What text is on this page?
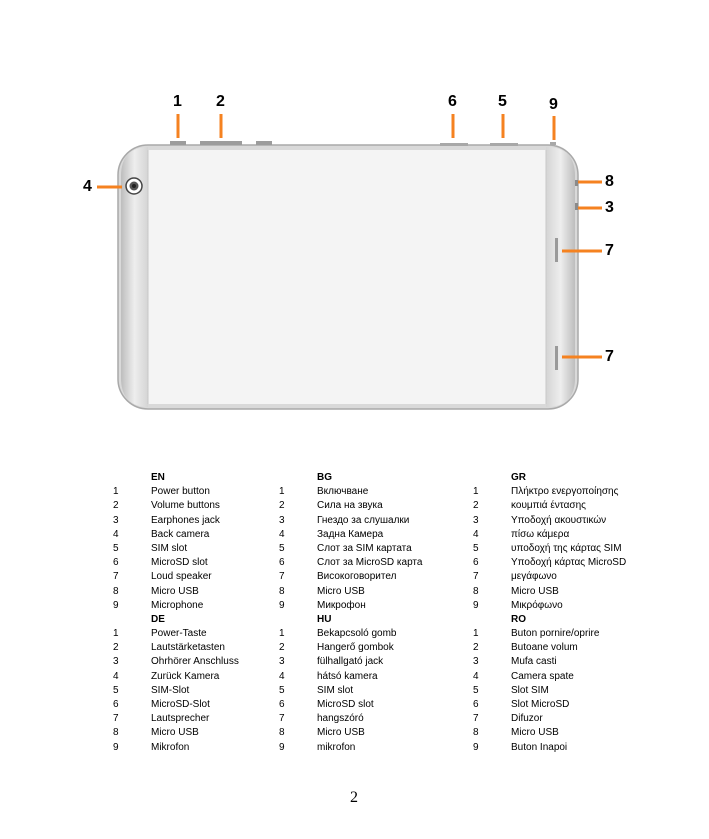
1 2	6	5	9
4	8
3
7
7
EN
1	Power button
2	Volume buttons
3	Earphones jack
4	Back camera
5	SIM slot
6	MicroSD slot
7	Loud speaker
8	Micro USB
9	Microphone
DE
1	Power-Taste
2	Lautstärketasten
3	Ohrhörer Anschluss
4	Zurück Kamera
5	SIM-Slot
6	MicroSD-Slot
7	Lautsprecher
8	Micro USB
9	Mikrofon
BG
1	Включване
2	Сила на звука
3	Гнездо за слушалки
4	Задна Камера
5	Слот за SIM картата
6	Слот за MicroSD карта
7	Високоговорител
8	Micro USB
9	Микрофон
HU
1	Bekapcsoló gomb
2	Hangerő gombok
3	fülhallgató jack
4	hátsó kamera
5	SIM slot
6	MicroSD slot
7	hangszóró
8	Micro USB
9	mikrofon
GR
1	Πλήκτρο ενεργοποίησης
2	κουμπιά έντασης
3	Υποδοχή ακουστικών
4	πίσω κάμερα
5	υποδοχή της κάρτας SIM
6	Υποδοχή κάρτας MicroSD
7	μεγάφωνο
8	Micro USB
9	Μικρόφωνο
RO
1	Buton pornire/oprire
2	Butoane volum
3	Mufa casti
4	Camera spate
5	Slot SIM
6	Slot MicroSD
7	Difuzor
8	Micro USB
9	Buton Inapoi
2
